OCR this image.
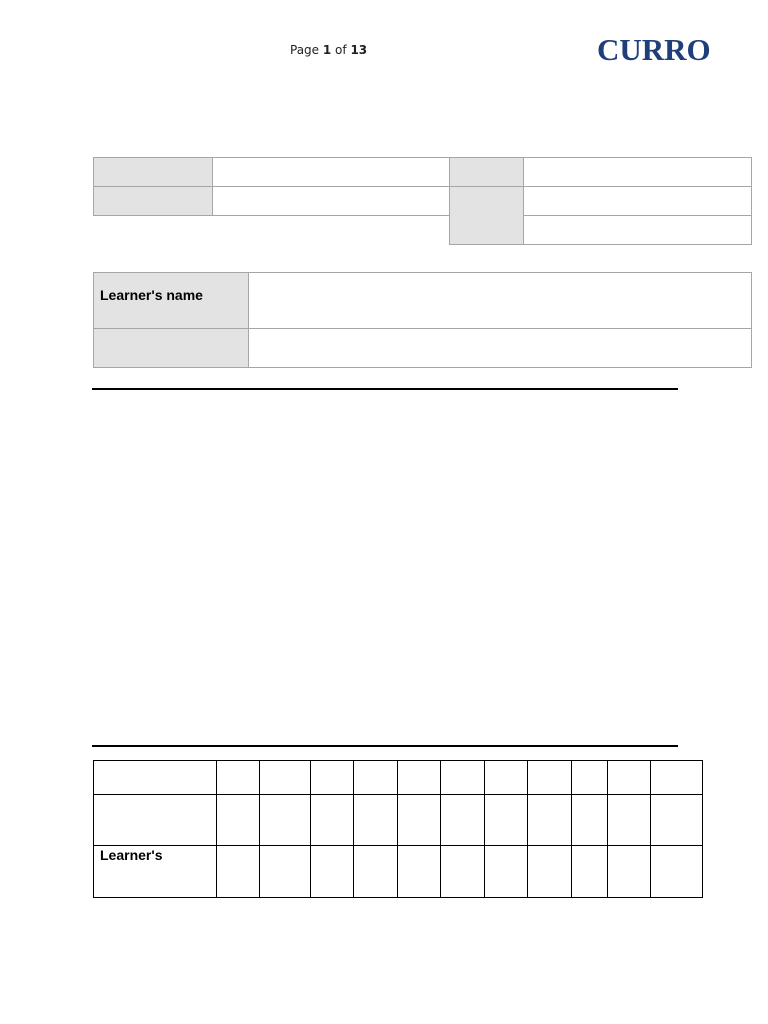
Page 1 of 13	CURRO
Learner's name
Learner's
